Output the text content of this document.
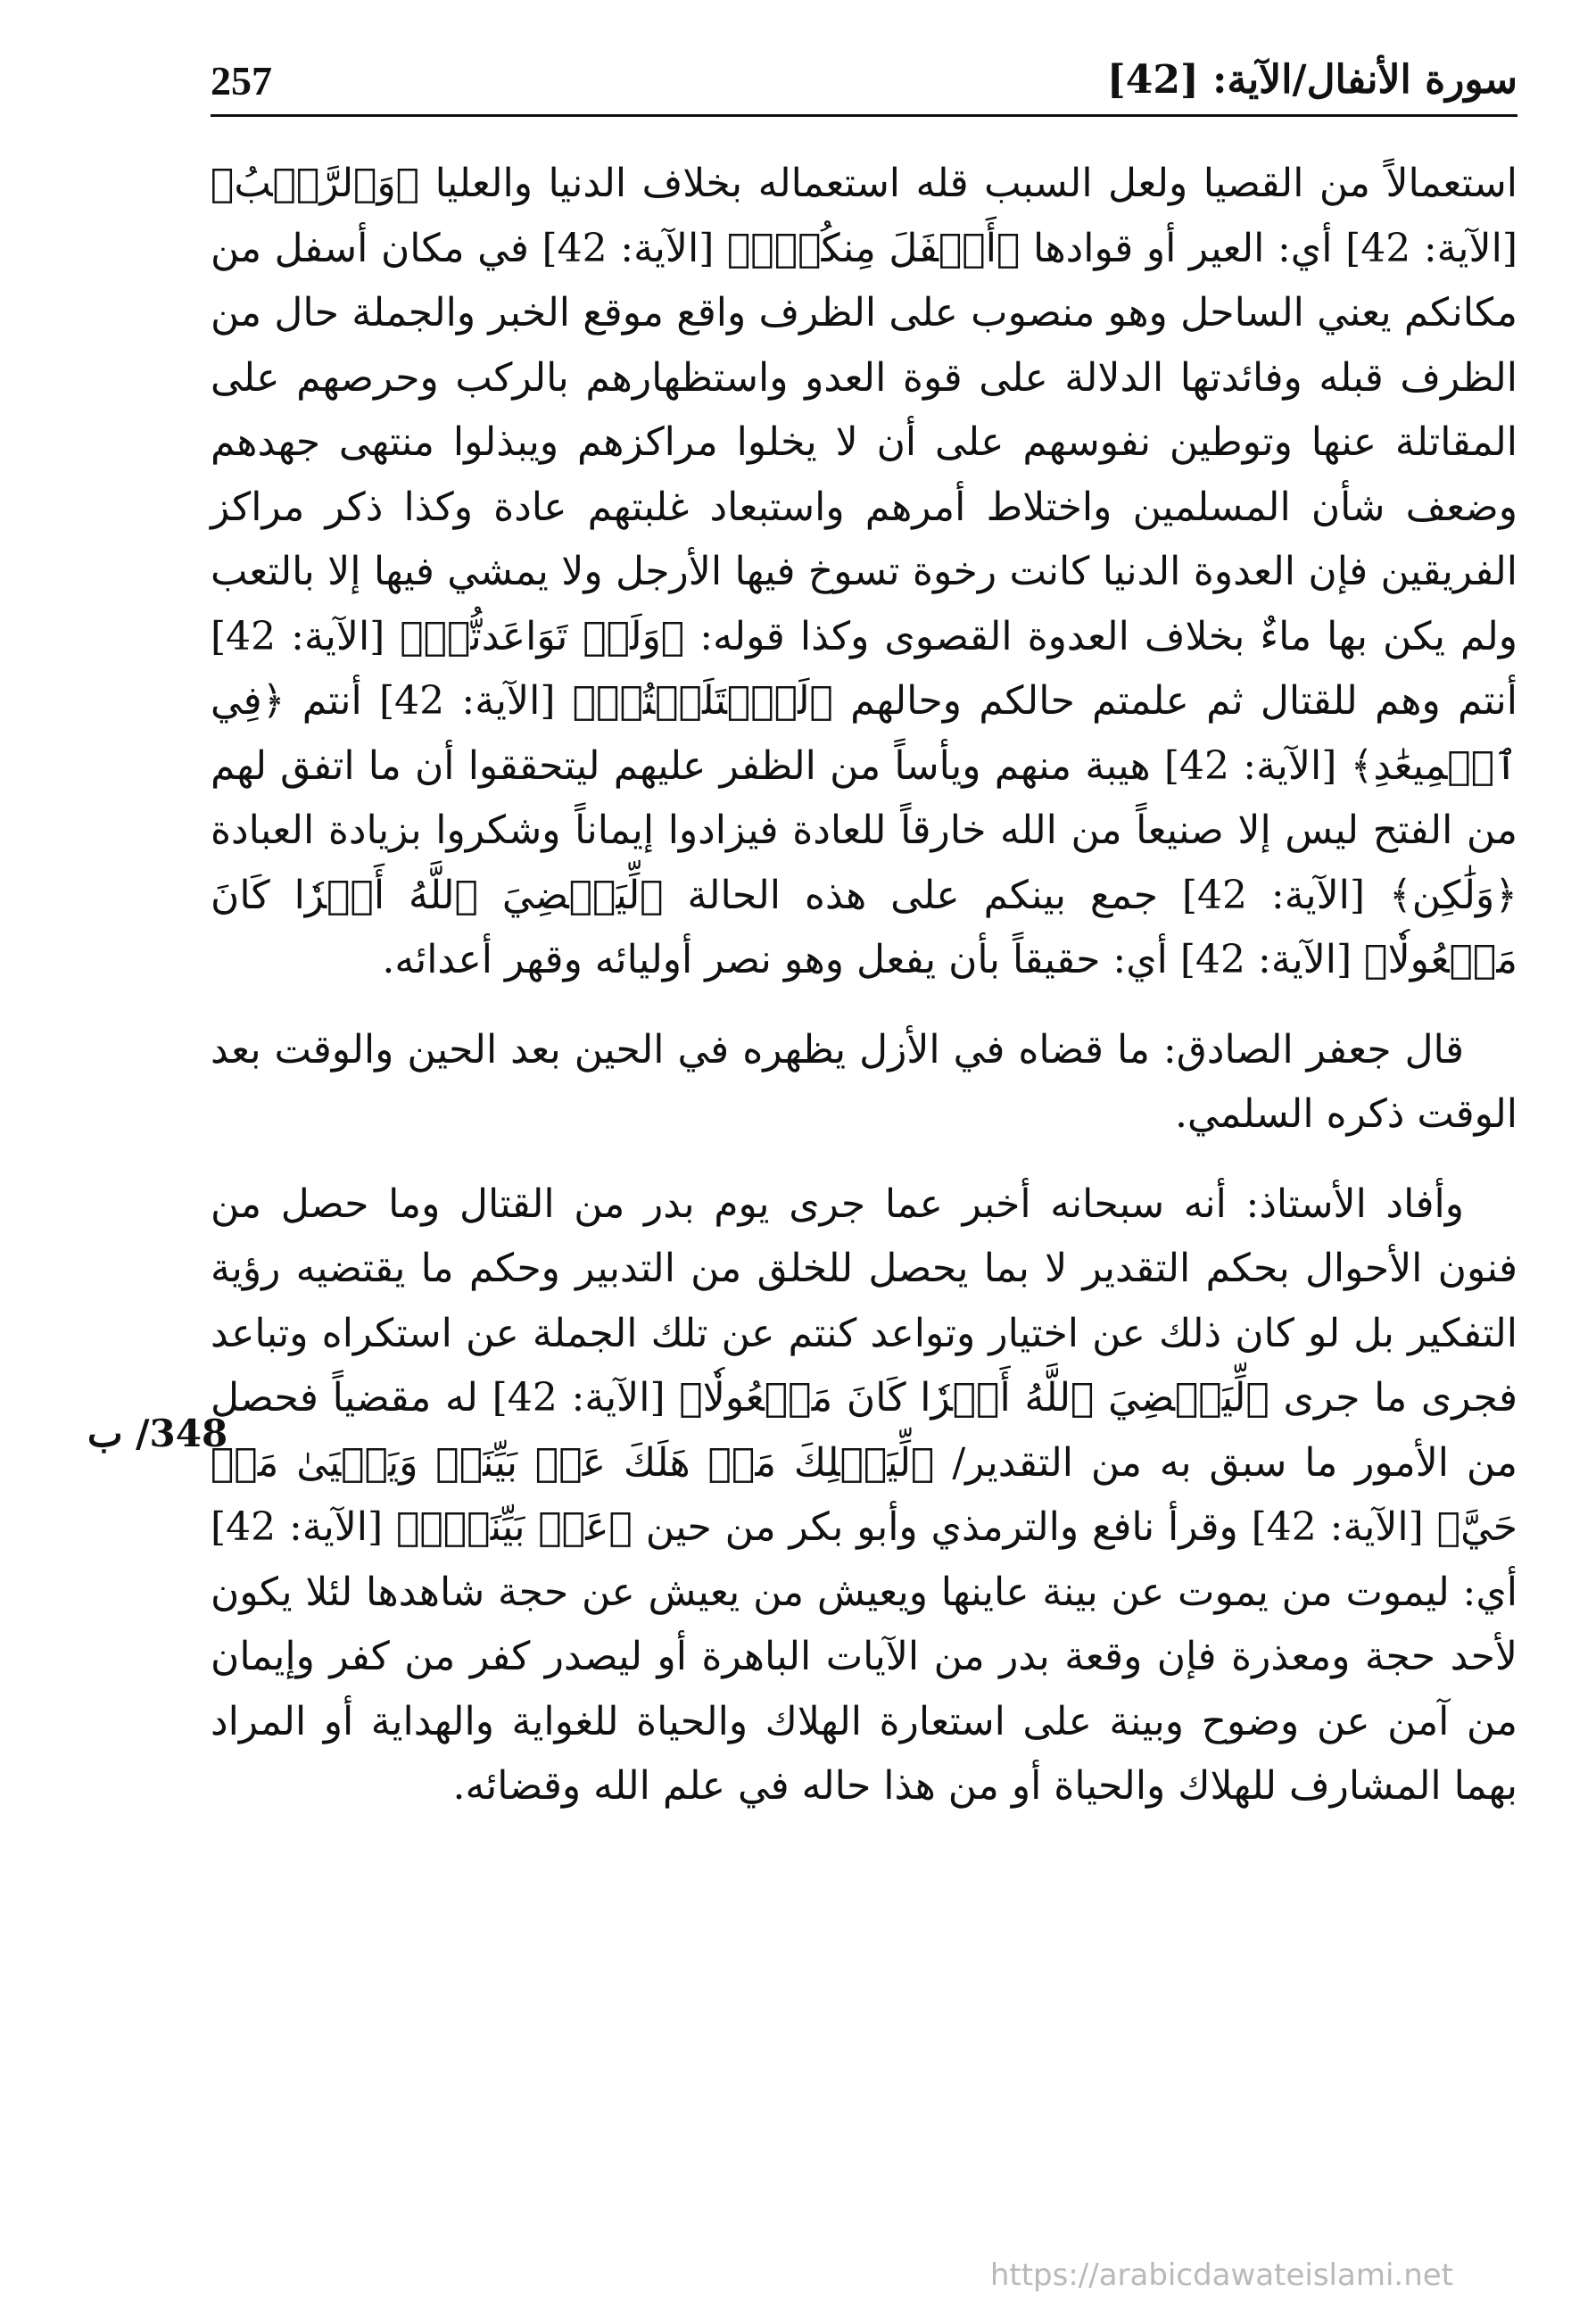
سورة الأنفال/الآية: [42]
257

استعمالاً من القصيا ولعل السبب قله استعماله بخلاف الدنيا والعليا ﴿وَٱلرَّكۡبُ﴾ [الآية: 42] أي: العير أو قوادها ﴿أَسۡفَلَ مِنكُمۡۚ﴾ [الآية: 42] في مكان أسفل من مكانكم يعني الساحل وهو منصوب على الظرف واقع موقع الخبر والجملة حال من الظرف قبله وفائدتها الدلالة على قوة العدو واستظهارهم بالركب وحرصهم على المقاتلة عنها وتوطين نفوسهم على أن لا يخلوا مراكزهم ويبذلوا منتهى جهدهم وضعف شأن المسلمين واختلاط أمرهم واستبعاد غلبتهم عادة وكذا ذكر مراكز الفريقين فإن العدوة الدنيا كانت رخوة تسوخ فيها الأرجل ولا يمشي فيها إلا بالتعب ولم يكن بها ماءٌ بخلاف العدوة القصوى وكذا قوله: ﴿وَلَوۡ تَوَاعَدتُّمۡ﴾ [الآية: 42] أنتم وهم للقتال ثم علمتم حالكم وحالهم ﴿لَٱخۡتَلَفۡتُمۡ﴾ [الآية: 42] أنتم ﴿فِي ٱلۡمِيعَٰدِ﴾ [الآية: 42] هيبة منهم ويأساً من الظفر عليهم ليتحققوا أن ما اتفق لهم من الفتح ليس إلا صنيعاً من الله خارقاً للعادة فيزادوا إيماناً وشكروا بزيادة العبادة ﴿وَلَٰكِن﴾ [الآية: 42] جمع بينكم على هذه الحالة ﴿لِّيَقۡضِيَ ٱللَّهُ أَمۡرٗا كَانَ مَفۡعُولٗا﴾ [الآية: 42] أي: حقيقاً بأن يفعل وهو نصر أوليائه وقهر أعدائه.

قال جعفر الصادق: ما قضاه في الأزل يظهره في الحين بعد الحين والوقت بعد الوقت ذكره السلمي.

وأفاد الأستاذ: أنه سبحانه أخبر عما جرى يوم بدر من القتال وما حصل من فنون الأحوال بحكم التقدير لا بما يحصل للخلق من التدبير وحكم ما يقتضيه رؤية التفكير بل لو كان ذلك عن اختيار وتواعد كنتم عن تلك الجملة عن استكراه وتباعد فجرى ما جرى ﴿لِّيَقۡضِيَ ٱللَّهُ أَمۡرٗا كَانَ مَفۡعُولٗا﴾ [الآية: 42] له مقضياً فحصل من الأمور ما سبق به من التقدير/ ﴿لِّيَهۡلِكَ مَنۡ هَلَكَ عَنۢ بَيِّنَةٖ وَيَحۡيَىٰ مَنۡ حَيَّ﴾ [الآية: 42] وقرأ نافع والترمذي وأبو بكر من حين ﴿عَنۢ بَيِّنَةٖۗ﴾ [الآية: 42] أي: ليموت من يموت عن بينة عاينها ويعيش من يعيش عن حجة شاهدها لئلا يكون لأحد حجة ومعذرة فإن وقعة بدر من الآيات الباهرة أو ليصدر كفر من كفر وإيمان من آمن عن وضوح وبينة على استعارة الهلاك والحياة للغواية والهداية أو المراد بهما المشارف للهلاك والحياة أو من هذا حاله في علم الله وقضائه.

348/ ب
https://arabicdawateislami.net
